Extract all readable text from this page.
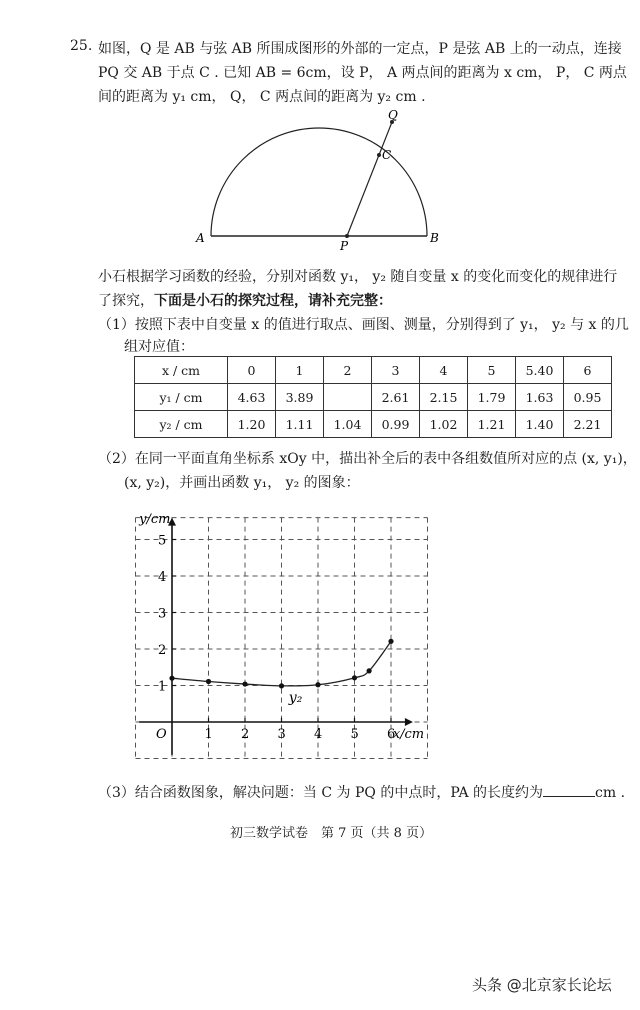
25. 如图，Q 是 AB 与弦 AB 所围成图形的外部的一定点，P 是弦 AB 上的一动点，连接
PQ 交 AB 于点 C . 已知 AB = 6cm，设 P， A 两点间的距离为 x cm， P， C 两点
间的距离为 y₁ cm， Q， C 两点间的距离为 y₂ cm .
A	B
P
C
Q
小石根据学习函数的经验，分别对函数 y₁， y₂ 随自变量 x 的变化而变化的规律进行
了探究，下面是小石的探究过程，请补充完整：
（1）按照下表中自变量 x 的值进行取点、画图、测量，分别得到了 y₁， y₂ 与 x 的几
组对应值：
x / cm	0	1	2	3	4	5	5.40	6
y₁ / cm	4.63	3.89		2.61	2.15	1.79	1.63	0.95
y₂ / cm	1.20	1.11	1.04	0.99	1.02	1.21	1.40	2.21
（2）在同一平面直角坐标系 xOy 中，描出补全后的表中各组数值所对应的点 (x, y₁)，
(x, y₂)，并画出函数 y₁， y₂ 的图象：
1 2 3 4 5 6
1
2
3
4
5
y/cm
x/cm
O
y₂
（3）结合函数图象，解决问题：当 C 为 PQ 的中点时，PA 的长度约为	cm .
初三数学试卷　第 7 页（共 8 页）
头条 @北京家长论坛
